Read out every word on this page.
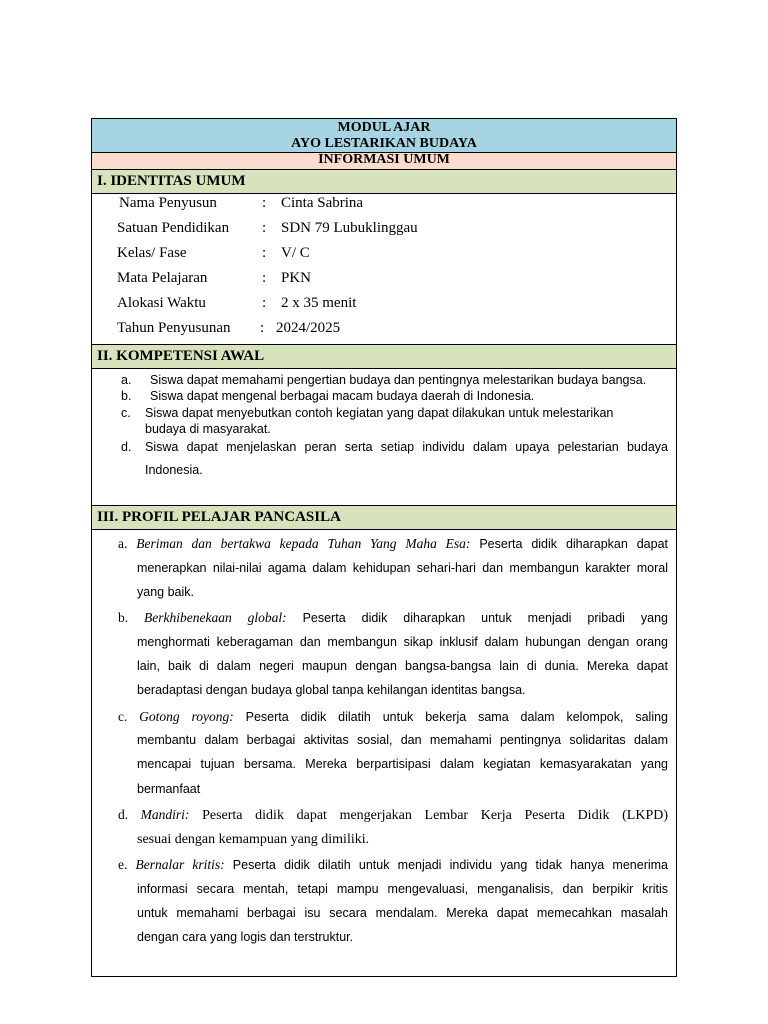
MODUL AJAR
AYO LESTARIKAN BUDAYA
INFORMASI UMUM
I. IDENTITAS UMUM
Nama Penyusun	: Cinta Sabrina
Satuan Pendidikan : SDN 79 Lubuklinggau
Kelas/ Fase	: V/ C
Mata Pelajaran	: PKN
Alokasi Waktu	: 2 x 35 menit
Tahun Penyusunan : 2024/2025
II. KOMPETENSI AWAL
a. Siswa dapat memahami pengertian budaya dan pentingnya melestarikan budaya bangsa.
b. Siswa dapat mengenal berbagai macam budaya daerah di Indonesia.
c. Siswa dapat menyebutkan contoh kegiatan yang dapat dilakukan untuk melestarikan
budaya di masyarakat.
d. Siswa dapat menjelaskan peran serta setiap individu dalam upaya pelestarian budaya
Indonesia.
III. PROFIL PELAJAR PANCASILA
a. Beriman dan bertakwa kepada Tuhan Yang Maha Esa: Peserta didik diharapkan dapat
menerapkan nilai-nilai agama dalam kehidupan sehari-hari dan membangun karakter moral
yang baik.
b. Berkhibenekaan global: Peserta didik diharapkan untuk menjadi pribadi yang
menghormati keberagaman dan membangun sikap inklusif dalam hubungan dengan orang
lain, baik di dalam negeri maupun dengan bangsa-bangsa lain di dunia. Mereka dapat
beradaptasi dengan budaya global tanpa kehilangan identitas bangsa.
c. Gotong royong: Peserta didik dilatih untuk bekerja sama dalam kelompok, saling
membantu dalam berbagai aktivitas sosial, dan memahami pentingnya solidaritas dalam
mencapai tujuan bersama. Mereka berpartisipasi dalam kegiatan kemasyarakatan yang
bermanfaat
d. Mandiri: Peserta didik dapat mengerjakan Lembar Kerja Peserta Didik (LKPD)
sesuai dengan kemampuan yang dimiliki.
e. Bernalar kritis: Peserta didik dilatih untuk menjadi individu yang tidak hanya menerima
informasi secara mentah, tetapi mampu mengevaluasi, menganalisis, dan berpikir kritis
untuk memahami berbagai isu secara mendalam. Mereka dapat memecahkan masalah
dengan cara yang logis dan terstruktur.
